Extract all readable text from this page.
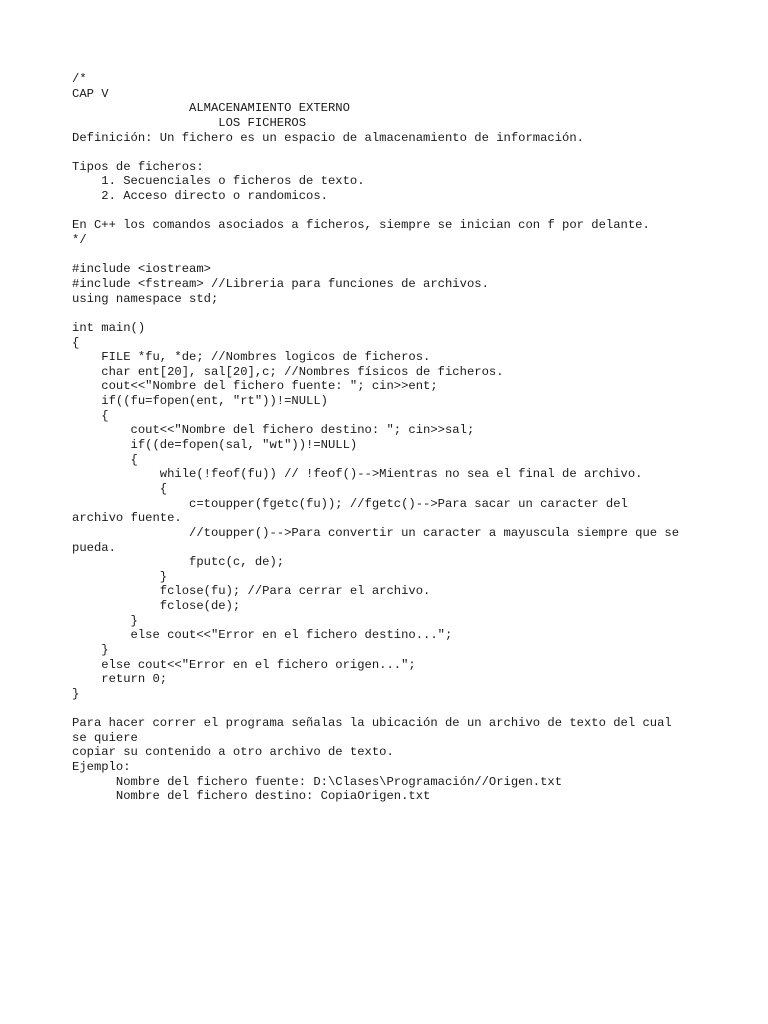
/*
CAP V
ALMACENAMIENTO EXTERNO
LOS FICHEROS
Definición: Un fichero es un espacio de almacenamiento de información.
Tipos de ficheros:
1. Secuenciales o ficheros de texto.
2. Acceso directo o randomicos.
En C++ los comandos asociados a ficheros, siempre se inician con f por delante.
*/
#include <iostream>
#include <fstream> //Libreria para funciones de archivos.
using namespace std;
int main()
{
FILE *fu, *de; //Nombres logicos de ficheros.
char ent[20], sal[20],c; //Nombres físicos de ficheros.
cout<<"Nombre del fichero fuente: "; cin>>ent;
if((fu=fopen(ent, "rt"))!=NULL)
{
cout<<"Nombre del fichero destino: "; cin>>sal;
if((de=fopen(sal, "wt"))!=NULL)
{
while(!feof(fu)) // !feof()-->Mientras no sea el final de archivo.
{
c=toupper(fgetc(fu)); //fgetc()-->Para sacar un caracter del
archivo fuente.
//toupper()-->Para convertir un caracter a mayuscula siempre que se
pueda.
fputc(c, de);
}
fclose(fu); //Para cerrar el archivo.
fclose(de);
}
else cout<<"Error en el fichero destino...";
}
else cout<<"Error en el fichero origen...";
return 0;
}
Para hacer correr el programa señalas la ubicación de un archivo de texto del cual
se quiere
copiar su contenido a otro archivo de texto.
Ejemplo:
Nombre del fichero fuente: D:\Clases\Programación//Origen.txt
Nombre del fichero destino: CopiaOrigen.txt
